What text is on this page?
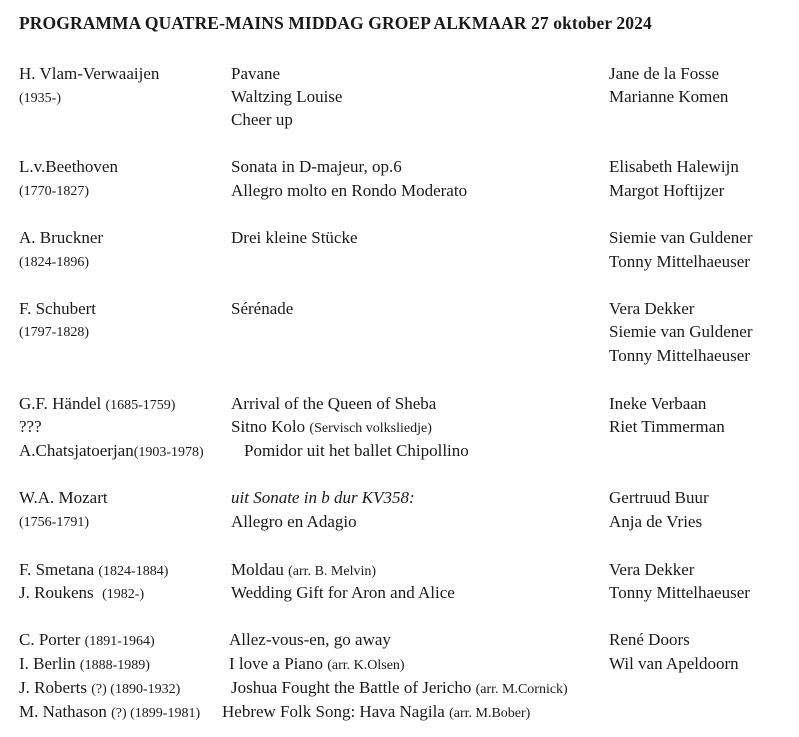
PROGRAMMA QUATRE-MAINS MIDDAG GROEP ALKMAAR 27 oktober 2024
H. Vlam-Verwaaijen
(1935-)
Pavane
Waltzing Louise
Cheer up
Jane de la Fosse
Marianne Komen
L.v.Beethoven
(1770-1827)
Sonata in D-majeur, op.6
Allegro molto en Rondo Moderato
Elisabeth Halewijn
Margot Hoftijzer
A. Bruckner
(1824-1896)
Drei kleine Stücke	Siemie van Guldener
Tonny Mittelhaeuser
F. Schubert
(1797-1828)
Sérénade	Vera Dekker
Siemie van Guldener
Tonny Mittelhaeuser
G.F. Händel (1685-1759)
???
A.Chatsjatoerjan(1903-1978)
Arrival of the Queen of Sheba
Sitno Kolo (Servisch volksliedje)
Pomidor uit het ballet Chipollino
Ineke Verbaan
Riet Timmerman
W.A. Mozart
(1756-1791)
uit Sonate in b dur KV358:
Allegro en Adagio
Gertruud Buur
Anja de Vries
F. Smetana (1824-1884)
J. Roukens (1982-)
Moldau (arr. B. Melvin)
Wedding Gift for Aron and Alice
Vera Dekker
Tonny Mittelhaeuser
C. Porter (1891-1964)
I. Berlin (1888-1989)
J. Roberts (?) (1890-1932)
M. Nathason (?) (1899-1981)
Allez-vous-en, go away
I love a Piano (arr. K.Olsen)
Joshua Fought the Battle of Jericho (arr. M.Cornick)
Hebrew Folk Song: Hava Nagila (arr. M.Bober)
René Doors
Wil van Apeldoorn
